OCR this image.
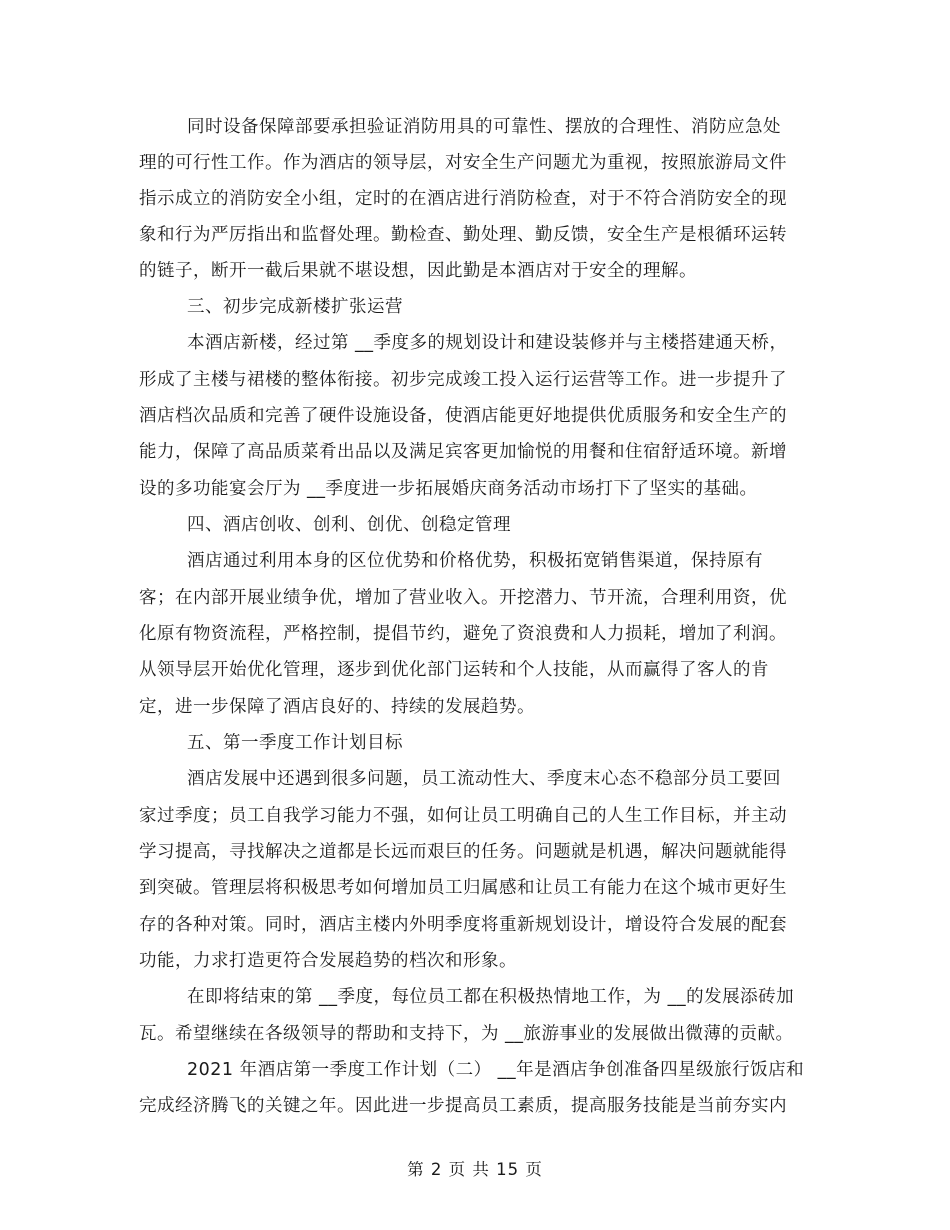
同时设备保障部要承担验证消防用具的可靠性、摆放的合理性、消防应急处
理的可行性工作。作为酒店的领导层，对安全生产问题尤为重视，按照旅游局文件
指示成立的消防安全小组，定时的在酒店进行消防检查，对于不符合消防安全的现
象和行为严厉指出和监督处理。勤检查、勤处理、勤反馈，安全生产是根循环运转
的链子，断开一截后果就不堪设想，因此勤是本酒店对于安全的理解。
三、初步完成新楼扩张运营
本酒店新楼，经过第 __季度多的规划设计和建设装修并与主楼搭建通天桥，
形成了主楼与裙楼的整体衔接。初步完成竣工投入运行运营等工作。进一步提升了
酒店档次品质和完善了硬件设施设备，使酒店能更好地提供优质服务和安全生产的
能力，保障了高品质菜肴出品以及满足宾客更加愉悦的用餐和住宿舒适环境。新增
设的多功能宴会厅为 __季度进一步拓展婚庆商务活动市场打下了坚实的基础。
四、酒店创收、创利、创优、创稳定管理
酒店通过利用本身的区位优势和价格优势，积极拓宽销售渠道，保持原有
客；在内部开展业绩争优，增加了营业收入。开挖潜力、节开流，合理利用资，优
化原有物资流程，严格控制，提倡节约，避免了资浪费和人力损耗，增加了利润。
从领导层开始优化管理，逐步到优化部门运转和个人技能，从而赢得了客人的肯
定，进一步保障了酒店良好的、持续的发展趋势。
五、第一季度工作计划目标
酒店发展中还遇到很多问题，员工流动性大、季度末心态不稳部分员工要回
家过季度；员工自我学习能力不强，如何让员工明确自己的人生工作目标，并主动
学习提高，寻找解决之道都是长远而艰巨的任务。问题就是机遇，解决问题就能得
到突破。管理层将积极思考如何增加员工归属感和让员工有能力在这个城市更好生
存的各种对策。同时，酒店主楼内外明季度将重新规划设计，增设符合发展的配套
功能，力求打造更符合发展趋势的档次和形象。
在即将结束的第 __季度，每位员工都在积极热情地工作，为 __的发展添砖加
瓦。希望继续在各级领导的帮助和支持下，为 __旅游事业的发展做出微薄的贡献。
2021 年酒店第一季度工作计划（二） __年是酒店争创准备四星级旅行饭店和
完成经济腾飞的关键之年。因此进一步提高员工素质，提高服务技能是当前夯实内
第 2 页 共 15 页
